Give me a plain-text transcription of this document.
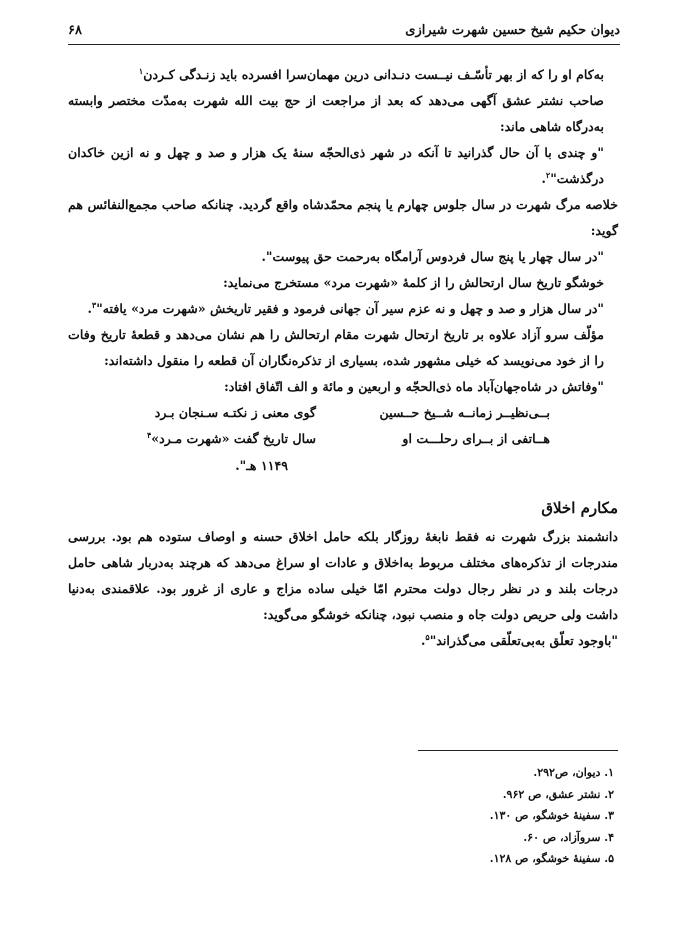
دیوان حکیم شیخ حسین شهرت شیرازی
۶۸

به‌کام او را که از بهر تأسّـف نیــست دنـدانی درین مهمان‌سرا افسرده باید زنـدگی کـردن$^۱$

صاحب نشتر عشق آگهی می‌دهد که بعد از مراجعت از حج بیت الله شهرت به‌مدّت مختصر وابسته به‌درگاه شاهی ماند:

"و چندی با آن حال گذرانید تا آنکه در شهر ذی‌الحجّه سنهٔ یک هزار و صد و چهل و نه ازین خاکدان درگذشت"$^۲$.

خلاصه مرگ شهرت در سال جلوس چهارم یا پنجم محمّدشاه واقع گردید. چنانکه صاحب مجمع‌النفائس هم گوید:

"در سال چهار یا پنج سال فردوس آرامگاه به‌رحمت حق پیوست".

خوشگو تاریخ سال ارتحالش را از کلمهٔ «شهرت مرد» مستخرج می‌نماید:

"در سال هزار و صد و چهل و نه عزم سیر آن جهانی فرمود و فقیر تاریخش «شهرت مرد» یافته"$^۳$.

مؤلّف سرو آزاد علاوه بر تاریخ ارتحال شهرت مقام ارتحالش را هم نشان می‌دهد و قطعهٔ تاریخ وفات را از خود می‌نویسد که خیلی مشهور شده، بسیاری از تذکره‌نگاران آن قطعه را منقول داشته‌اند:

"وفاتش در شاه‌جهان‌آباد ماه ذی‌الحجّه و اربعین و مائة و الف اتّفاق افتاد:

بــی‌نظیــر زمانــه شــیخ حــسین
گوی معنی ز نکتـه سـنجان بـرد
هــاتفی از بــرای رحلـــت او
سال تاریخ گفت «شهرت مـرد»$^۴$
۱۱۴۹ هـ".
مکارم اخلاق

دانشمند بزرگ شهرت نه فقط نابغهٔ روزگار بلکه حامل اخلاق حسنه و اوصاف ستوده هم بود. بررسی مندرجات از تذکره‌های مختلف مربوط به‌اخلاق و عادات او سراغ می‌دهد که هرچند به‌دربار شاهی حامل درجات بلند و در نظر رجال دولت محترم امّا خیلی ساده مزاج و عاری از غرور بود. علاقمندی به‌دنیا داشت ولی حریص دولت جاه و منصب نبود، چنانکه خوشگو می‌گوید:

"باوجود تعلّق به‌بی‌تعلّقی می‌گذراند"$^۵$.

۱. دیوان، ص۲۹۲.
۲. نشتر عشق، ص ۹۶۲.
۳. سفینهٔ خوشگو، ص ۱۳۰.
۴. سروآزاد، ص ۶۰.
۵. سفینهٔ خوشگو، ص ۱۲۸.
